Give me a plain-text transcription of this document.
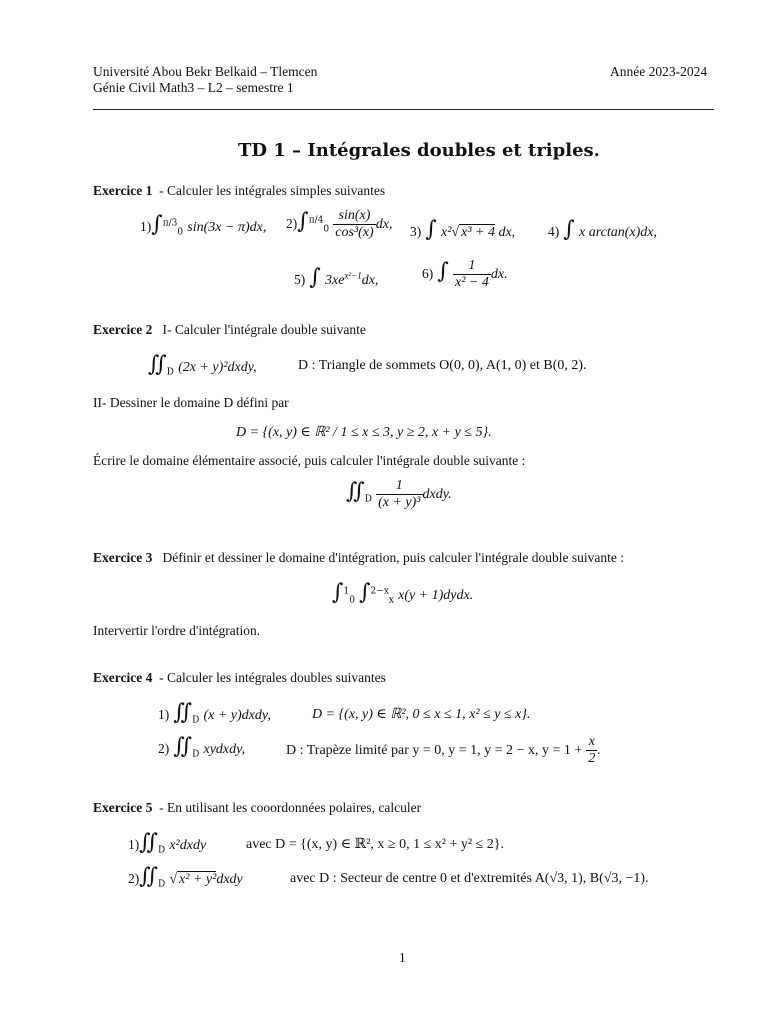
Université Abou Bekr Belkaid – Tlemcen
Génie Civil Math3 – L2 – semestre 1
Année 2023-2024
TD 1 – Intégrales doubles et triples.
Exercice 1 - Calculer les intégrales simples suivantes
1)∫$^{\pi/3}_0$ sin(3x − π)dx, $2)\int^{\pi/4}_0 \frac{\sin(x)}{\text{cos³(x)}}$ dx, 3) ∫ x²√ x³ + 4 dx, 4) ∫ x arctan(x)dx,
5) ∫ $3xe^{x^2-1}dx$,	6) ∫ $\frac{1}{\text{x² − 4}}$ dx.
Exercice 2 I- Calculer l'intégrale double suivante
$∬_D$ (2x + y)²dxdy,	D : Triangle de sommets O(0, 0), A(1, 0) et B(0, 2).
II- Dessiner le domaine D défini par
D = {(x, y) ∈ ℝ² / 1 ≤ x ≤ 3, y ≥ 2, x + y ≤ 5}.
Écrire le domaine élémentaire associé, puis calculer l'intégrale double suivante :
$∬_D \frac{1}{\text{(x + y)³}}$ dxdy.
Exercice 3 Définir et dessiner le domaine d'intégration, puis calculer l'intégrale double suivante :
∫$^1_0$ ∫$^{2-x}_x$ x(y + 1)dydx.
Intervertir l'ordre d'intégration.
Exercice 4 - Calculer les intégrales doubles suivantes
1) $∬_D$ (x + y)dxdy,	D = {(x, y) ∈ ℝ², 0 ≤ x ≤ 1, x² ≤ y ≤ x}.
2) $∬_D$ xydxdy,	D : Trapèze limité par y = 0, y = 1, y = 2 − x, $y = 1 + \frac{x}{2}$ .
Exercice 5 - En utilisant les cooordonnées polaires, calculer
$1)∬_D$ x²dxdy	avec D = {(x, y) ∈ ℝ², x ≥ 0, 1 ≤ x² + y² ≤ 2}.
$2)∬_D$ √ x² + y²dxdy	avec D : Secteur de centre 0 et d'extremités A(√3, 1), B(√3, −1).
1
